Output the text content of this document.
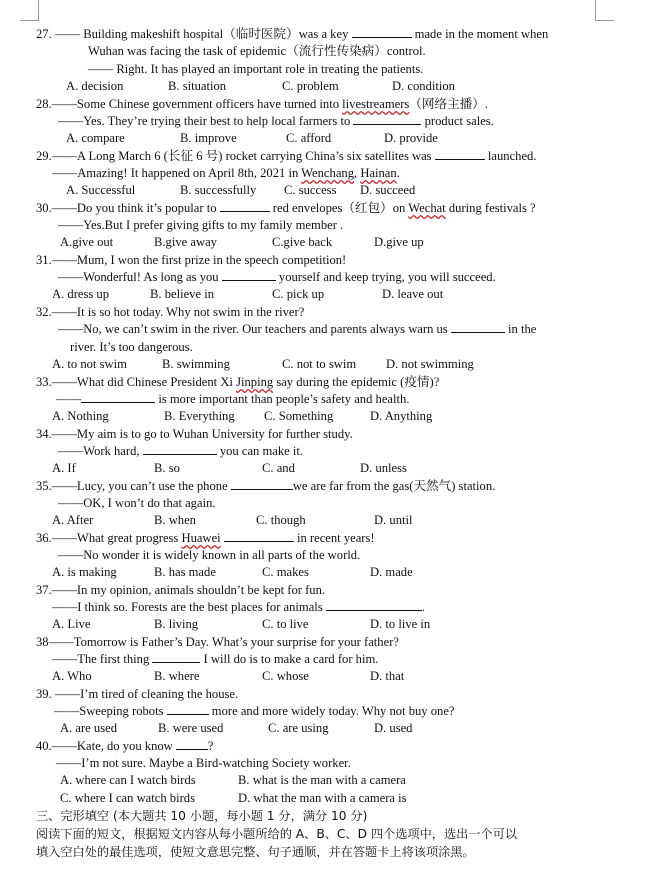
27. —— Building makeshift hospital（临时医院）was a key	made in the moment when
Wuhan was facing the task of epidemic（流行性传染病）control.
—— Right. It has played an important role in treating the patients.
A. decision	B. situation	C. problem	D. condition
28.——Some Chinese government officers have turned into livestreamers（网络主播）.
——Yes. They’re trying their best to help local farmers to	product sales.
A. compare	B. improve	C. afford	D. provide
29.——A Long March 6 (长征 6 号) rocket carrying China’s six satellites was	launched.
——Amazing! It happened on April 8th, 2021 in Wenchang, Hainan.
A. Successful	B. successfully C. success D. succeed
30.——Do you think it’s popular to	red envelopes（红包）on Wechat during festivals ?
——Yes.But I prefer giving gifts to my family member .
A.give out	B.give away	C.give back	D.give up
31.——Mum, I won the first prize in the speech competition!
——Wonderful! As long as you	yourself and keep trying, you will succeed.
A. dress up	B. believe in	C. pick up	D. leave out
32.——It is so hot today. Why not swim in the river?
——No, we can’t swim in the river. Our teachers and parents always warn us	in the
river. It’s too dangerous.
A. to not swim	B. swimming	C. not to swim D. not swimming
33.——What did Chinese President Xi Jinping say during the epidemic (疫情)?
——	is more important than people’s safety and health.
A. Nothing	B. Everything C. Something	D. Anything
34.——My aim is to go to Wuhan University for further study.
——Work hard,	you can make it.
A. If	B. so	C. and	D. unless
35.——Lucy, you can’t use the phone	we are far from the gas(天然气) station.
——OK, I won’t do that again.
A. After	B. when	C. though	D. until
36.——What great progress Huawei	in recent years!
——No wonder it is widely known in all parts of the world.
A. is making	B. has made	C. makes	D. made
37.——In my opinion, animals shouldn’t be kept for fun.
——I think so. Forests are the best places for animals	.
A. Live	B. living	C. to live	D. to live in
38——Tomorrow is Father’s Day. What’s your surprise for your father?
——The first thing	I will do is to make a card for him.
A. Who	B. where	C. whose	D. that
39. ——I’m tired of cleaning the house.
——Sweeping robots	more and more widely today. Why not buy one?
A. are used	B. were used	C. are using	D. used
40.——Kate, do you know	?
——I’m not sure. Maybe a Bird-watching Society worker.
A. where can I watch birds	B. what is the man with a camera
C. where I can watch birds	D. what the man with a camera is
三、完形填空 (本大题共 10 小题，每小题 1 分，满分 10 分)
阅读下面的短文，根据短文内容从每小题所给的 A、B、C、D 四个选项中，选出一个可以
填入空白处的最佳选项，使短文意思完整、句子通顺，并在答题卡上将该项涂黑。
